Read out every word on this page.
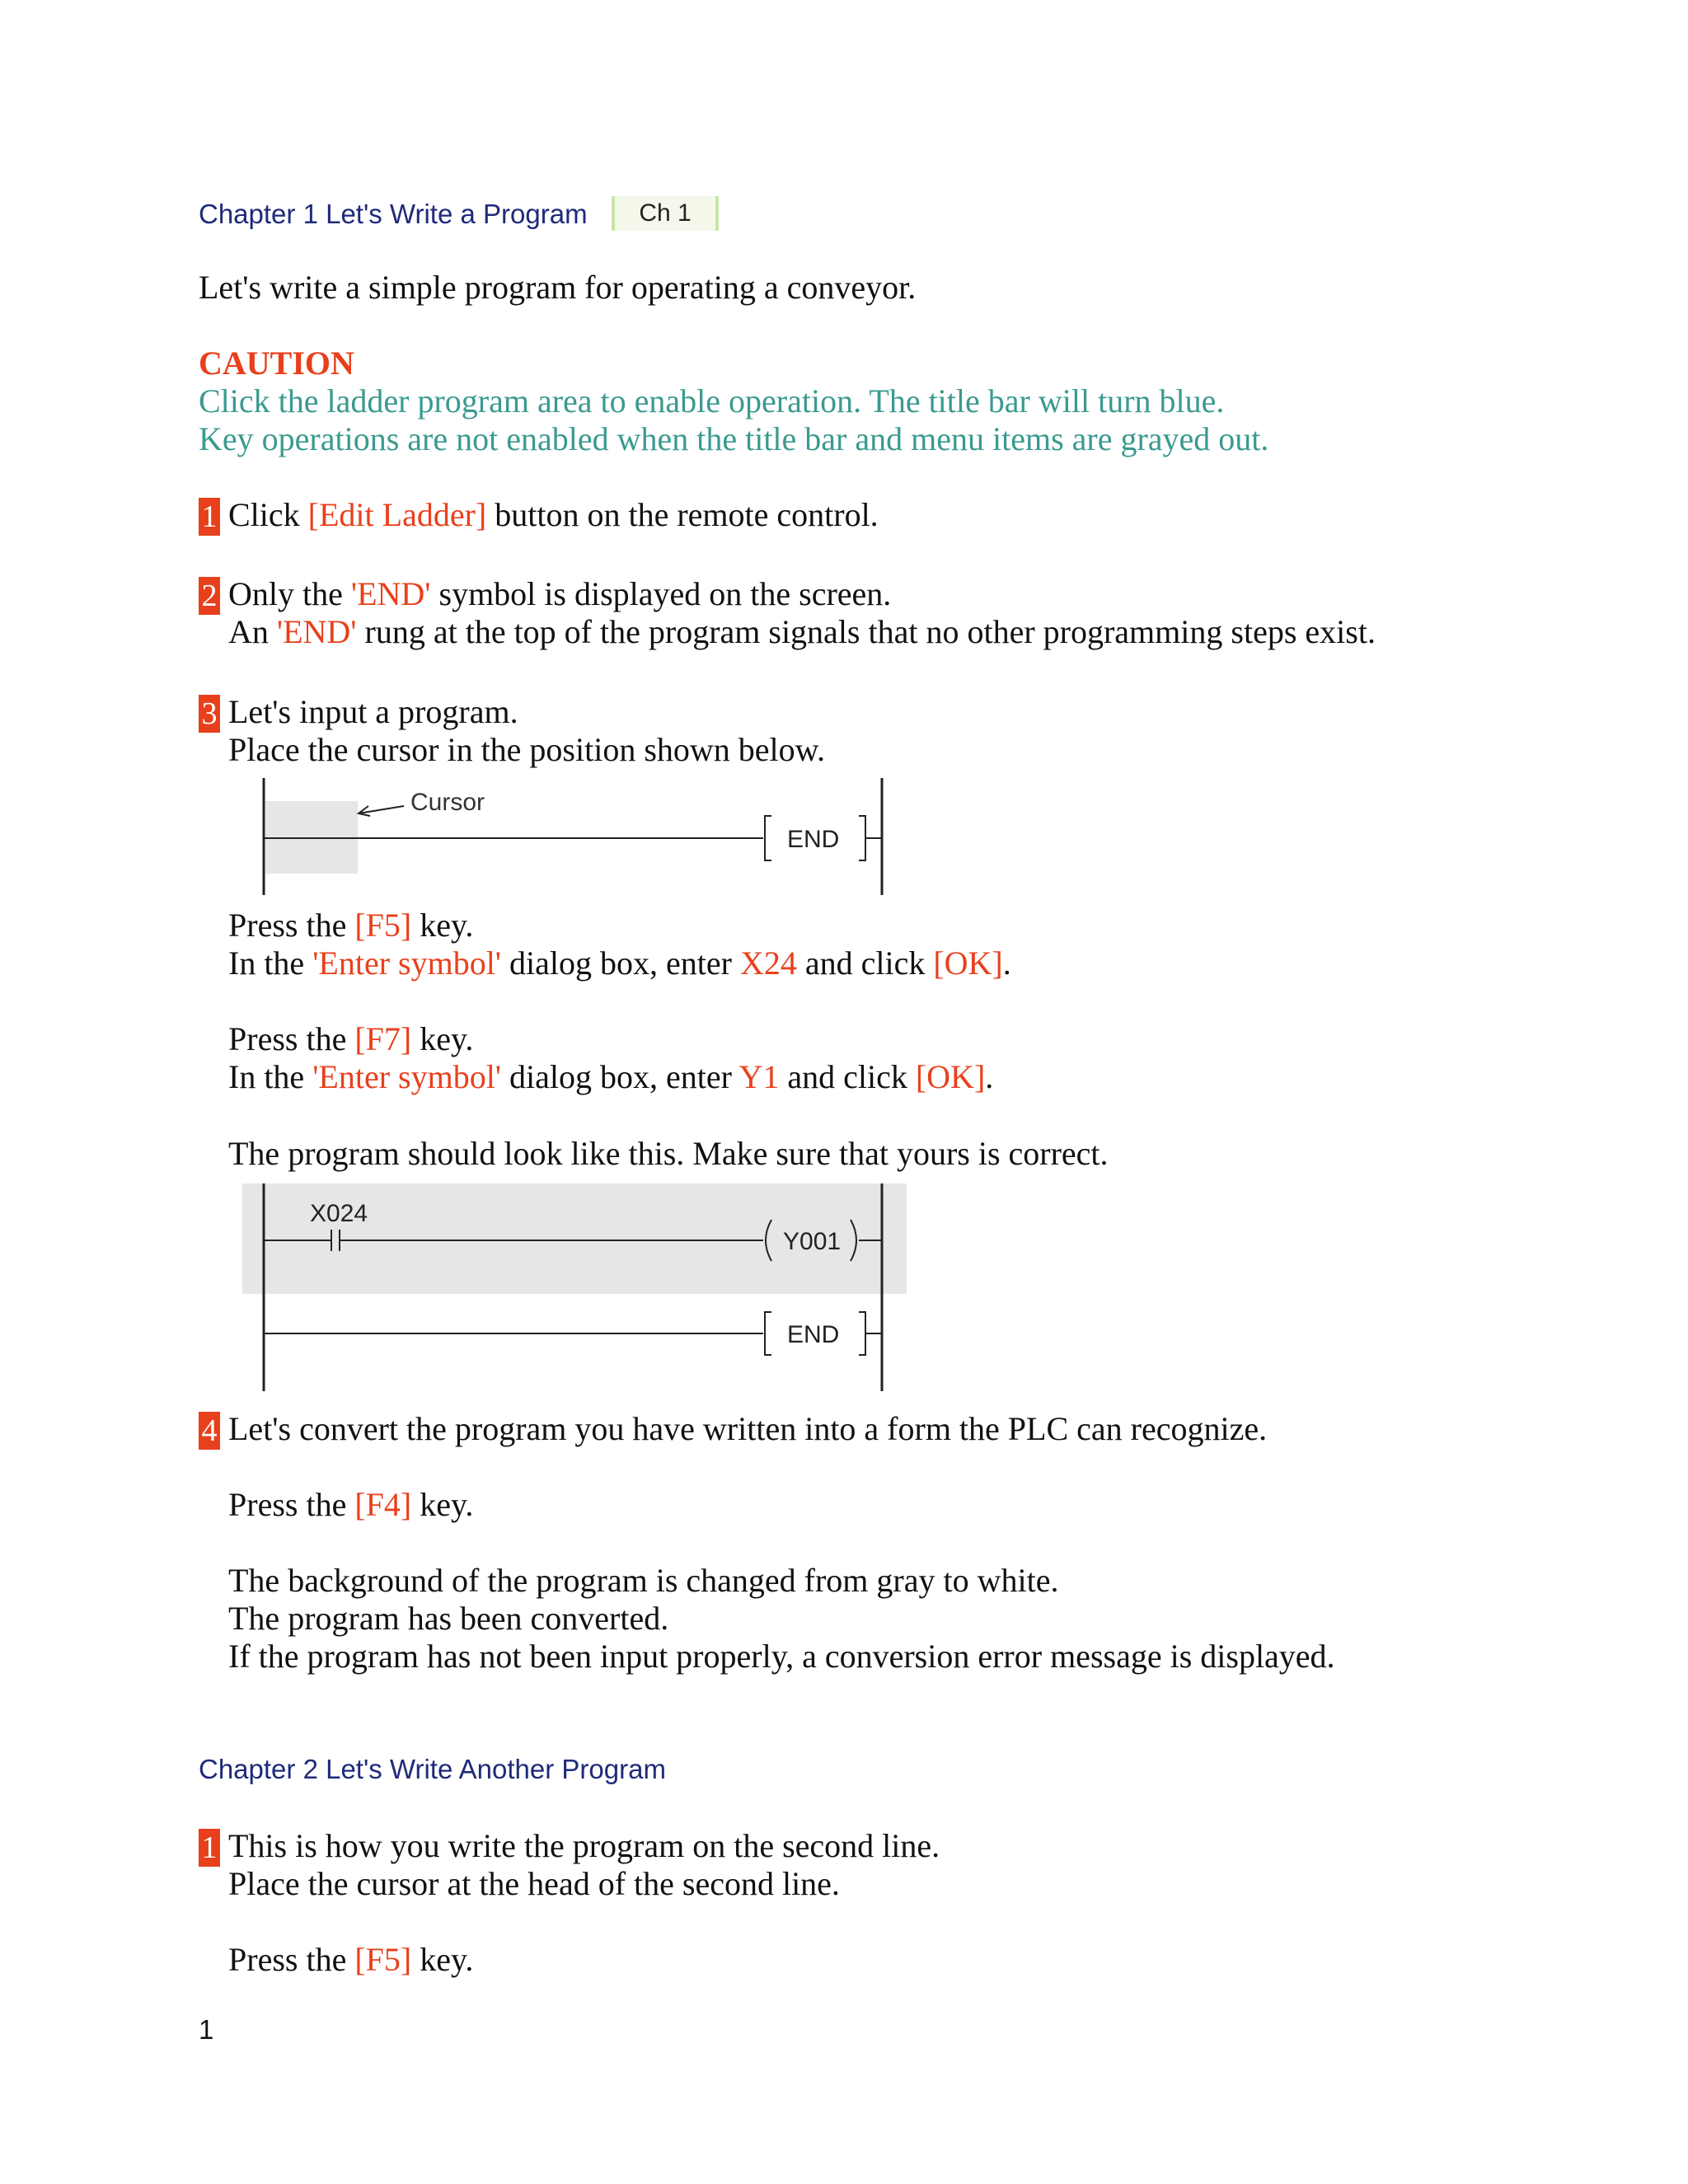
Chapter 1 Let's Write a Program	Ch 1
Let's write a simple program for operating a conveyor.
CAUTION
Click the ladder program area to enable operation. The title bar will turn blue.
Key operations are not enabled when the title bar and menu items are grayed out.
1 Click [Edit Ladder] button on the remote control.
2 Only the 'END' symbol is displayed on the screen.
An 'END' rung at the top of the program signals that no other programming steps exist.
3 Let's input a program.
Place the cursor in the position shown below.
END
Cursor
Press the [F5] key.
In the 'Enter symbol' dialog box, enter X24 and click [OK].
Press the [F7] key.
In the 'Enter symbol' dialog box, enter Y1 and click [OK].
The program should look like this. Make sure that yours is correct.
X024
Y001
END
4 Let's convert the program you have written into a form the PLC can recognize.
Press the [F4] key.
The background of the program is changed from gray to white.
The program has been converted.
If the program has not been input properly, a conversion error message is displayed.
Chapter 2 Let's Write Another Program
1 This is how you write the program on the second line.
Place the cursor at the head of the second line.
Press the [F5] key.
1
